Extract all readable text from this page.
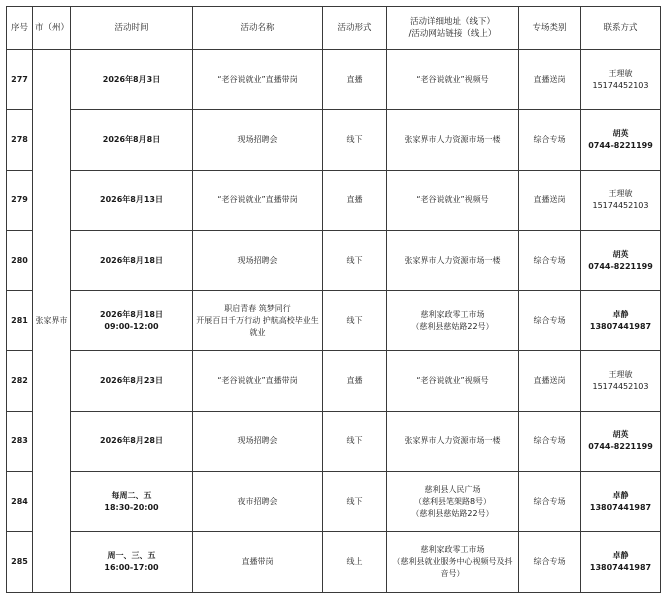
序号	市（州）	活动时间	活动名称	活动形式	活动详细地址（线下）
/活动网站链接（线上）	专场类别	联系方式
277	张家界市	2026年8月3日	“老谷说就业”直播带岗	直播	“老谷说就业”视频号	直播送岗	王理敏15174452103
278		2026年8月8日	现场招聘会	线下	张家界市人力资源市场一楼	综合专场	胡英
0744-8221199
279		2026年8月13日	“老谷说就业”直播带岗	直播	“老谷说就业”视频号	直播送岗	王理敏15174452103
280		2026年8月18日	现场招聘会	线下	张家界市人力资源市场一楼	综合专场	胡英
0744-8221199
281		2026年8月18日
09:00-12:00	职启青春 筑梦同行
开展百日千万行动 护航高校毕业生
就业	线下	慈利家政零工市场
（慈利县慈姑路22号）	综合专场	卓静
13807441987
282		2026年8月23日	“老谷说就业”直播带岗	直播	“老谷说就业”视频号	直播送岗	王理敏15174452103
283		2026年8月28日	现场招聘会	线下	张家界市人力资源市场一楼	综合专场	胡英
0744-8221199
284		每周二、五
18:30-20:00	夜市招聘会	线下	慈利县人民广场
（慈利县笔架路8号）
（慈利县慈姑路22号）	综合专场	卓静
13807441987
285		周一、三、五
16:00-17:00	直播带岗	线上	慈利家政零工市场
（慈利县就业服务中心视频号及抖
音号）	综合专场	卓静
13807441987
